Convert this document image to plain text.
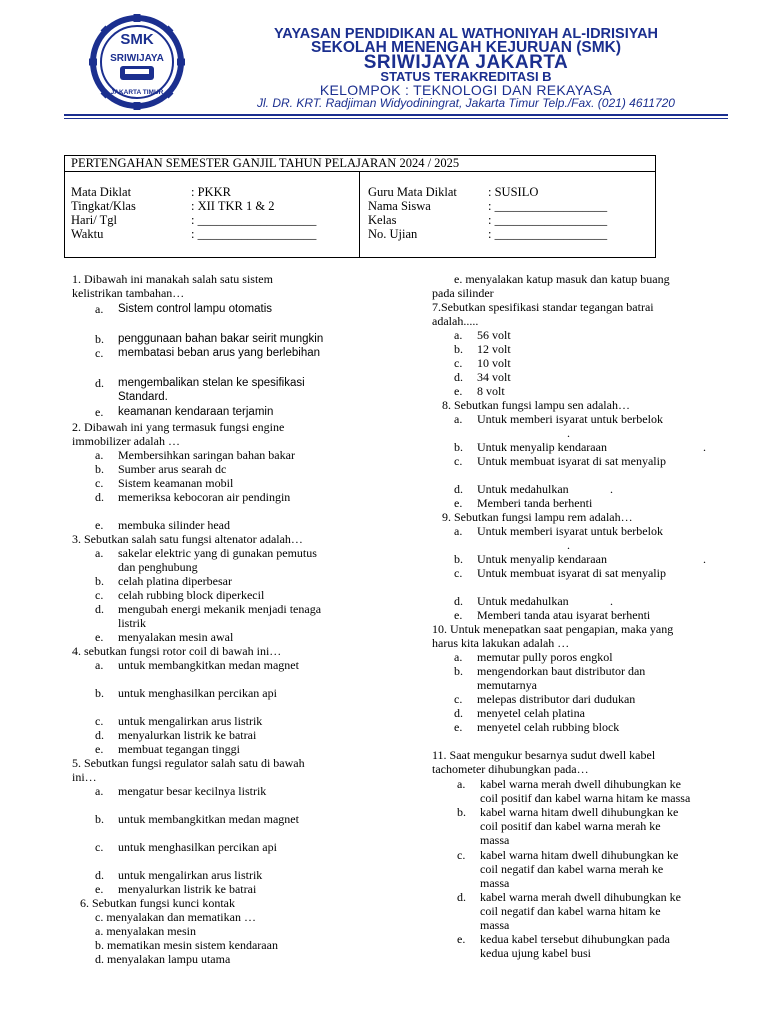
SMK
SRIWIJAYA
JAKARTA TIMUR
YAYASAN PENDIDIKAN AL WATHONIYAH AL-IDRISIYAH
SEKOLAH MENENGAH KEJURUAN (SMK)
SRIWIJAYA JAKARTA
STATUS TERAKREDITASI B
KELOMPOK : TEKNOLOGI DAN REKAYASA
Jl. DR. KRT. Radjiman Widyodiningrat, Jakarta Timur Telp./Fax. (021) 4611720
PERTENGAHAN SEMESTER GANJIL TAHUN PELAJARAN 2024 / 2025
Mata Diklat	: PKKR
Tingkat/Klas	: XII TKR 1 & 2
Hari/ Tgl	: ___________________
Waktu	: ___________________
Guru Mata Diklat : SUSILO
Nama Siswa	: __________________
Kelas	: __________________
No. Ujian	: __________________
1. Dibawah ini manakah salah satu sistem
kelistrikan tambahan…
a. Sistem control lampu otomatis
b. penggunaan bahan bakar seirit mungkin
c. membatasi beban arus yang berlebihan
d. mengembalikan stelan ke spesifikasi
Standard.
e. keamanan kendaraan terjamin
2. Dibawah ini yang termasuk fungsi engine
immobilizer adalah …
a. Membersihkan saringan bahan bakar
b. Sumber arus searah dc
c. Sistem keamanan mobil
d. memeriksa kebocoran air pendingin
e. membuka silinder head
3. Sebutkan salah satu fungsi altenator adalah…
a. sakelar elektric yang di gunakan pemutus
dan penghubung
b. celah platina diperbesar
c. celah rubbing block diperkecil
d. mengubah energi mekanik menjadi tenaga
listrik
e. menyalakan mesin awal
4. sebutkan fungsi rotor coil di bawah ini…
a. untuk membangkitkan medan magnet
b. untuk menghasilkan percikan api
c. untuk mengalirkan arus listrik
d. menyalurkan listrik ke batrai
e. membuat tegangan tinggi
5. Sebutkan fungsi regulator salah satu di bawah
ini…
a. mengatur besar kecilnya listrik
b. untuk membangkitkan medan magnet
c. untuk menghasilkan percikan api
d. untuk mengalirkan arus listrik
e. menyalurkan listrik ke batrai
6. Sebutkan fungsi kunci kontak
c. menyalakan dan mematikan …
a. menyalakan mesin
b. mematikan mesin sistem kendaraan
d. menyalakan lampu utama
e. menyalakan katup masuk dan katup buang
pada silinder
7.Sebutkan spesifikasi standar tegangan batrai
adalah.....
a. 56 volt
b. 12 volt
c. 10 volt
d. 34 volt
e. 8 volt
8. Sebutkan fungsi lampu sen adalah…
a. Untuk memberi isyarat untuk berbelok
.
b. Untuk menyalip kendaraan	.
c. Untuk membuat isyarat di sat menyalip
d. Untuk medahulkan	.
e. Memberi tanda berhenti
9. Sebutkan fungsi lampu rem adalah…
a. Untuk memberi isyarat untuk berbelok
.
b. Untuk menyalip kendaraan	.
c. Untuk membuat isyarat di sat menyalip
d. Untuk medahulkan	.
e. Memberi tanda atau isyarat berhenti
10. Untuk menepatkan saat pengapian, maka yang
harus kita lakukan adalah …
a. memutar pully poros engkol
b. mengendorkan baut distributor dan
memutarnya
c. melepas distributor dari dudukan
d. menyetel celah platina
e. menyetel celah rubbing block
11. Saat mengukur besarnya sudut dwell kabel
tachometer dihubungkan pada…
a. kabel warna merah dwell dihubungkan ke
coil positif dan kabel warna hitam ke massa
b. kabel warna hitam dwell dihubungkan ke
coil positif dan kabel warna merah ke
massa
c. kabel warna hitam dwell dihubungkan ke
coil negatif dan kabel warna merah ke
massa
d. kabel warna merah dwell dihubungkan ke
coil negatif dan kabel warna hitam ke
massa
e. kedua kabel tersebut dihubungkan pada
kedua ujung kabel busi
